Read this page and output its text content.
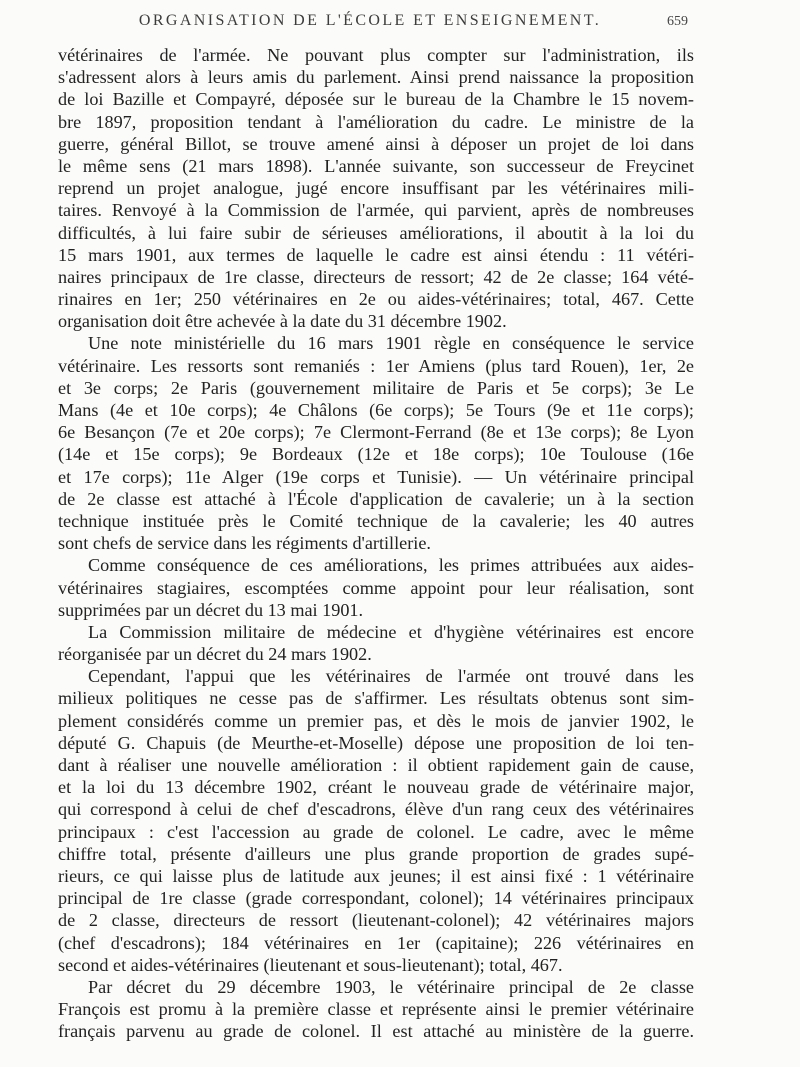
ORGANISATION DE L'ÉCOLE ET ENSEIGNEMENT.	659
vétérinaires de l'armée. Ne pouvant plus compter sur l'administration, ils
s'adressent alors à leurs amis du parlement. Ainsi prend naissance la proposition
de loi Bazille et Compayré, déposée sur le bureau de la Chambre le 15 novem-
bre 1897, proposition tendant à l'amélioration du cadre. Le ministre de la
guerre, général Billot, se trouve amené ainsi à déposer un projet de loi dans
le même sens (21 mars 1898). L'année suivante, son successeur de Freycinet
reprend un projet analogue, jugé encore insuffisant par les vétérinaires mili-
taires. Renvoyé à la Commission de l'armée, qui parvient, après de nombreuses
difficultés, à lui faire subir de sérieuses améliorations, il aboutit à la loi du
15 mars 1901, aux termes de laquelle le cadre est ainsi étendu : 11 vétéri-
naires principaux de 1re classe, directeurs de ressort; 42 de 2e classe; 164 vété-
rinaires en 1er; 250 vétérinaires en 2e ou aides-vétérinaires; total, 467. Cette
organisation doit être achevée à la date du 31 décembre 1902.
Une note ministérielle du 16 mars 1901 règle en conséquence le service
vétérinaire. Les ressorts sont remaniés : 1er Amiens (plus tard Rouen), 1er, 2e
et 3e corps; 2e Paris (gouvernement militaire de Paris et 5e corps); 3e Le
Mans (4e et 10e corps); 4e Châlons (6e corps); 5e Tours (9e et 11e corps);
6e Besançon (7e et 20e corps); 7e Clermont-Ferrand (8e et 13e corps); 8e Lyon
(14e et 15e corps); 9e Bordeaux (12e et 18e corps); 10e Toulouse (16e
et 17e corps); 11e Alger (19e corps et Tunisie). — Un vétérinaire principal
de 2e classe est attaché à l'École d'application de cavalerie; un à la section
technique instituée près le Comité technique de la cavalerie; les 40 autres
sont chefs de service dans les régiments d'artillerie.
Comme conséquence de ces améliorations, les primes attribuées aux aides-
vétérinaires stagiaires, escomptées comme appoint pour leur réalisation, sont
supprimées par un décret du 13 mai 1901.
La Commission militaire de médecine et d'hygiène vétérinaires est encore
réorganisée par un décret du 24 mars 1902.
Cependant, l'appui que les vétérinaires de l'armée ont trouvé dans les
milieux politiques ne cesse pas de s'affirmer. Les résultats obtenus sont sim-
plement considérés comme un premier pas, et dès le mois de janvier 1902, le
député G. Chapuis (de Meurthe-et-Moselle) dépose une proposition de loi ten-
dant à réaliser une nouvelle amélioration : il obtient rapidement gain de cause,
et la loi du 13 décembre 1902, créant le nouveau grade de vétérinaire major,
qui correspond à celui de chef d'escadrons, élève d'un rang ceux des vétérinaires
principaux : c'est l'accession au grade de colonel. Le cadre, avec le même
chiffre total, présente d'ailleurs une plus grande proportion de grades supé-
rieurs, ce qui laisse plus de latitude aux jeunes; il est ainsi fixé : 1 vétérinaire
principal de 1re classe (grade correspondant, colonel); 14 vétérinaires principaux
de 2 classe, directeurs de ressort (lieutenant-colonel); 42 vétérinaires majors
(chef d'escadrons); 184 vétérinaires en 1er (capitaine); 226 vétérinaires en
second et aides-vétérinaires (lieutenant et sous-lieutenant); total, 467.
Par décret du 29 décembre 1903, le vétérinaire principal de 2e classe
François est promu à la première classe et représente ainsi le premier vétérinaire
français parvenu au grade de colonel. Il est attaché au ministère de la guerre.
